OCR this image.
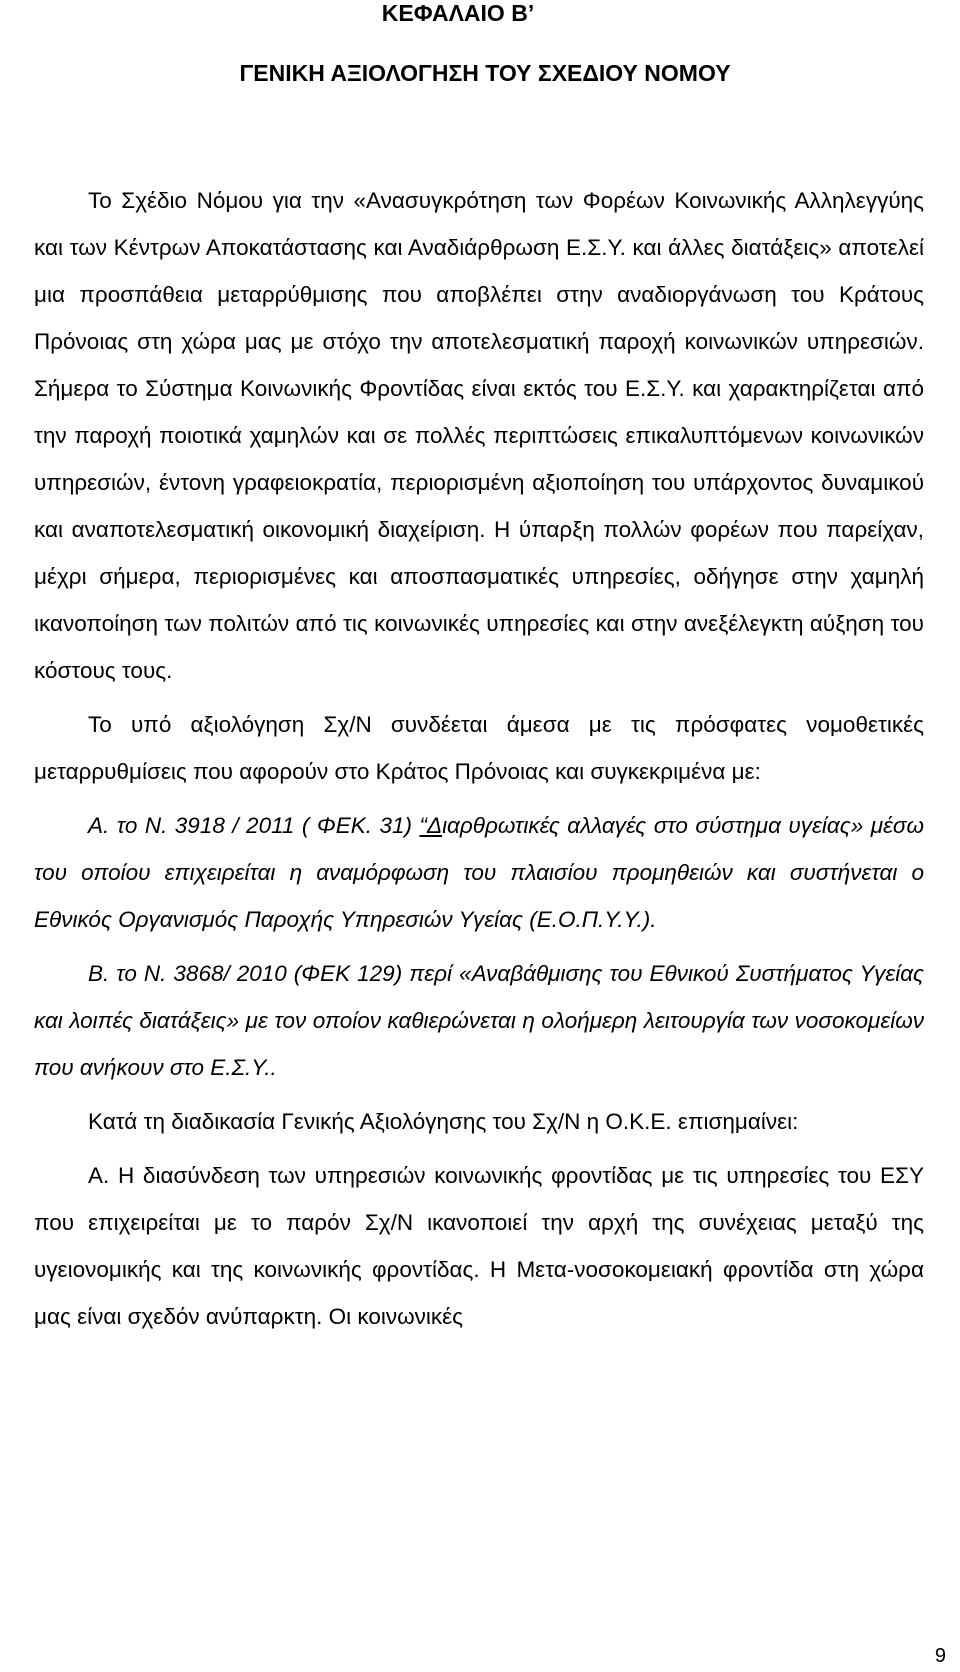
ΚΕΦΑΛΑΙΟ Β’
ΓΕΝΙΚΗ ΑΞΙΟΛΟΓΗΣΗ ΤΟΥ ΣΧΕΔΙΟΥ ΝΟΜΟΥ

Το Σχέδιο Νόμου για την «Ανασυγκρότηση των Φορέων Κοινωνικής Αλληλεγγύης και των Κέντρων Αποκατάστασης και Αναδιάρθρωση Ε.Σ.Υ. και άλλες διατάξεις» αποτελεί μια προσπάθεια μεταρρύθμισης που αποβλέπει στην αναδιοργάνωση του Κράτους Πρόνοιας στη χώρα μας με στόχο την αποτελεσματική παροχή κοινωνικών υπηρεσιών. Σήμερα το Σύστημα Κοινωνικής Φροντίδας είναι εκτός του Ε.Σ.Υ. και χαρακτηρίζεται από την παροχή ποιοτικά χαμηλών και σε πολλές περιπτώσεις επικαλυπτόμενων κοινωνικών υπηρεσιών, έντονη γραφειοκρατία, περιορισμένη αξιοποίηση του υπάρχοντος δυναμικού και αναποτελεσματική οικονομική διαχείριση. Η ύπαρξη πολλών φορέων που παρείχαν, μέχρι σήμερα, περιορισμένες και αποσπασματικές υπηρεσίες, οδήγησε στην χαμηλή ικανοποίηση των πολιτών από τις κοινωνικές υπηρεσίες και στην ανεξέλεγκτη αύξηση του κόστους τους.

Το υπό αξιολόγηση Σχ/Ν συνδέεται άμεσα με τις πρόσφατες νομοθετικές μεταρρυθμίσεις που αφορούν στο Κράτος Πρόνοιας και συγκεκριμένα με:

Α. το Ν. 3918 / 2011 ( ΦΕΚ. 31) “Διαρθρωτικές αλλαγές στο σύστημα υγείας» μέσω του οποίου επιχειρείται η αναμόρφωση του πλαισίου προμηθειών και συστήνεται ο Εθνικός Οργανισμός Παροχής Υπηρεσιών Υγείας (Ε.Ο.Π.Υ.Υ.).

Β. το Ν. 3868/ 2010 (ΦΕΚ 129) περί «Αναβάθμισης του Εθνικού Συστήματος Υγείας και λοιπές διατάξεις» με τον οποίον καθιερώνεται η ολοήμερη λειτουργία των νοσοκομείων που ανήκουν στο Ε.Σ.Υ..

Κατά τη διαδικασία Γενικής Αξιολόγησης του Σχ/Ν η Ο.Κ.Ε. επισημαίνει:

Α. Η διασύνδεση των υπηρεσιών κοινωνικής φροντίδας με τις υπηρεσίες του ΕΣΥ που επιχειρείται με το παρόν Σχ/Ν ικανοποιεί την αρχή της συνέχειας μεταξύ της υγειονομικής και της κοινωνικής φροντίδας. Η Μετα-νοσοκομειακή φροντίδα στη χώρα μας είναι σχεδόν ανύπαρκτη. Οι κοινωνικές

9
